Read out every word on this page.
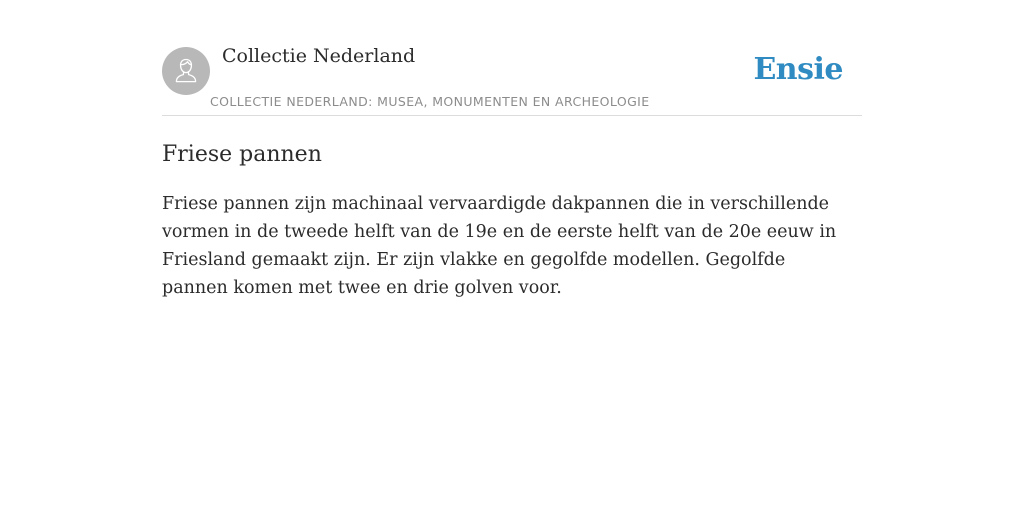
Collectie Nederland	Ensie
COLLECTIE NEDERLAND: MUSEA, MONUMENTEN EN ARCHEOLOGIE
Friese pannen

Friese pannen zijn machinaal vervaardigde dakpannen die in verschillende vormen in de tweede helft van de 19e en de eerste helft van de 20e eeuw in Friesland gemaakt zijn. Er zijn vlakke en gegolfde modellen. Gegolfde pannen komen met twee en drie golven voor.
